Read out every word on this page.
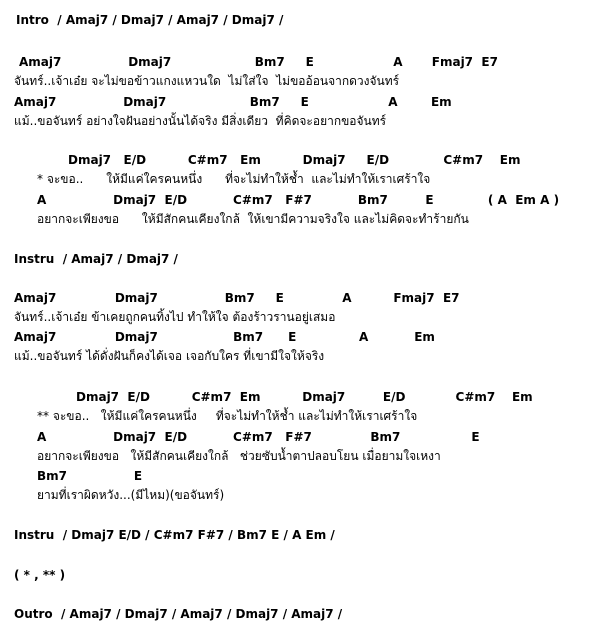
Intro  / Amaj7 / Dmaj7 / Amaj7 / Dmaj7 /
Amaj7                Dmaj7                    Bm7     E                   A       Fmaj7  E7
จันทร์..เจ้าเอ๋ย จะไม่ขอข้าวแกงแหวนใด  ไม่ใส่ใจ  ไม่ขออ้อนจากดวงจันทร์
Amaj7                Dmaj7                    Bm7     E                   A        Em
แม้..ขอจันทร์ อย่างใจฝันอย่างนั้นได้จริง มีสิ่งเดียว  ที่คิดจะอยากขอจันทร์
Dmaj7   E/D          C#m7   Em          Dmaj7     E/D             C#m7    Em
* จะขอ..      ให้มีแค่ใครคนหนึ่ง      ที่จะไม่ทำให้ช้ำ  และไม่ทำให้เราเศร้าใจ
A                Dmaj7  E/D           C#m7   F#7           Bm7         E             ( A  Em A )
อยากจะเพียงขอ      ให้มีสักคนเคียงใกล้  ให้เขามีความจริงใจ และไม่คิดจะทำร้ายกัน
Instru  / Amaj7 / Dmaj7 /
Amaj7              Dmaj7                Bm7     E              A          Fmaj7  E7
จันทร์..เจ้าเอ๋ย ข้าเคยถูกคนทิ้งไป ทำให้ใจ ต้องร้าวรานอยู่เสมอ
Amaj7              Dmaj7                  Bm7      E               A           Em
แม้..ขอจันทร์ ได้ดั่งฝันก็คงได้เจอ เจอกับใคร ที่เขามีใจให้จริง
Dmaj7  E/D          C#m7  Em          Dmaj7         E/D            C#m7    Em
** จะขอ..   ให้มีแค่ใครคนหนึ่ง     ที่จะไม่ทำให้ช้ำ และไม่ทำให้เราเศร้าใจ
A                Dmaj7  E/D           C#m7   F#7              Bm7                 E
อยากจะเพียงขอ   ให้มีสักคนเคียงใกล้   ช่วยซับน้ำตาปลอบโยน เมื่อยามใจเหงา
Bm7                E
ยามที่เราผิดหวัง...(มีไหม)(ขอจันทร์)
Instru  / Dmaj7 E/D / C#m7 F#7 / Bm7 E / A Em /
( * , ** )
Outro  / Amaj7 / Dmaj7 / Amaj7 / Dmaj7 / Amaj7 /
